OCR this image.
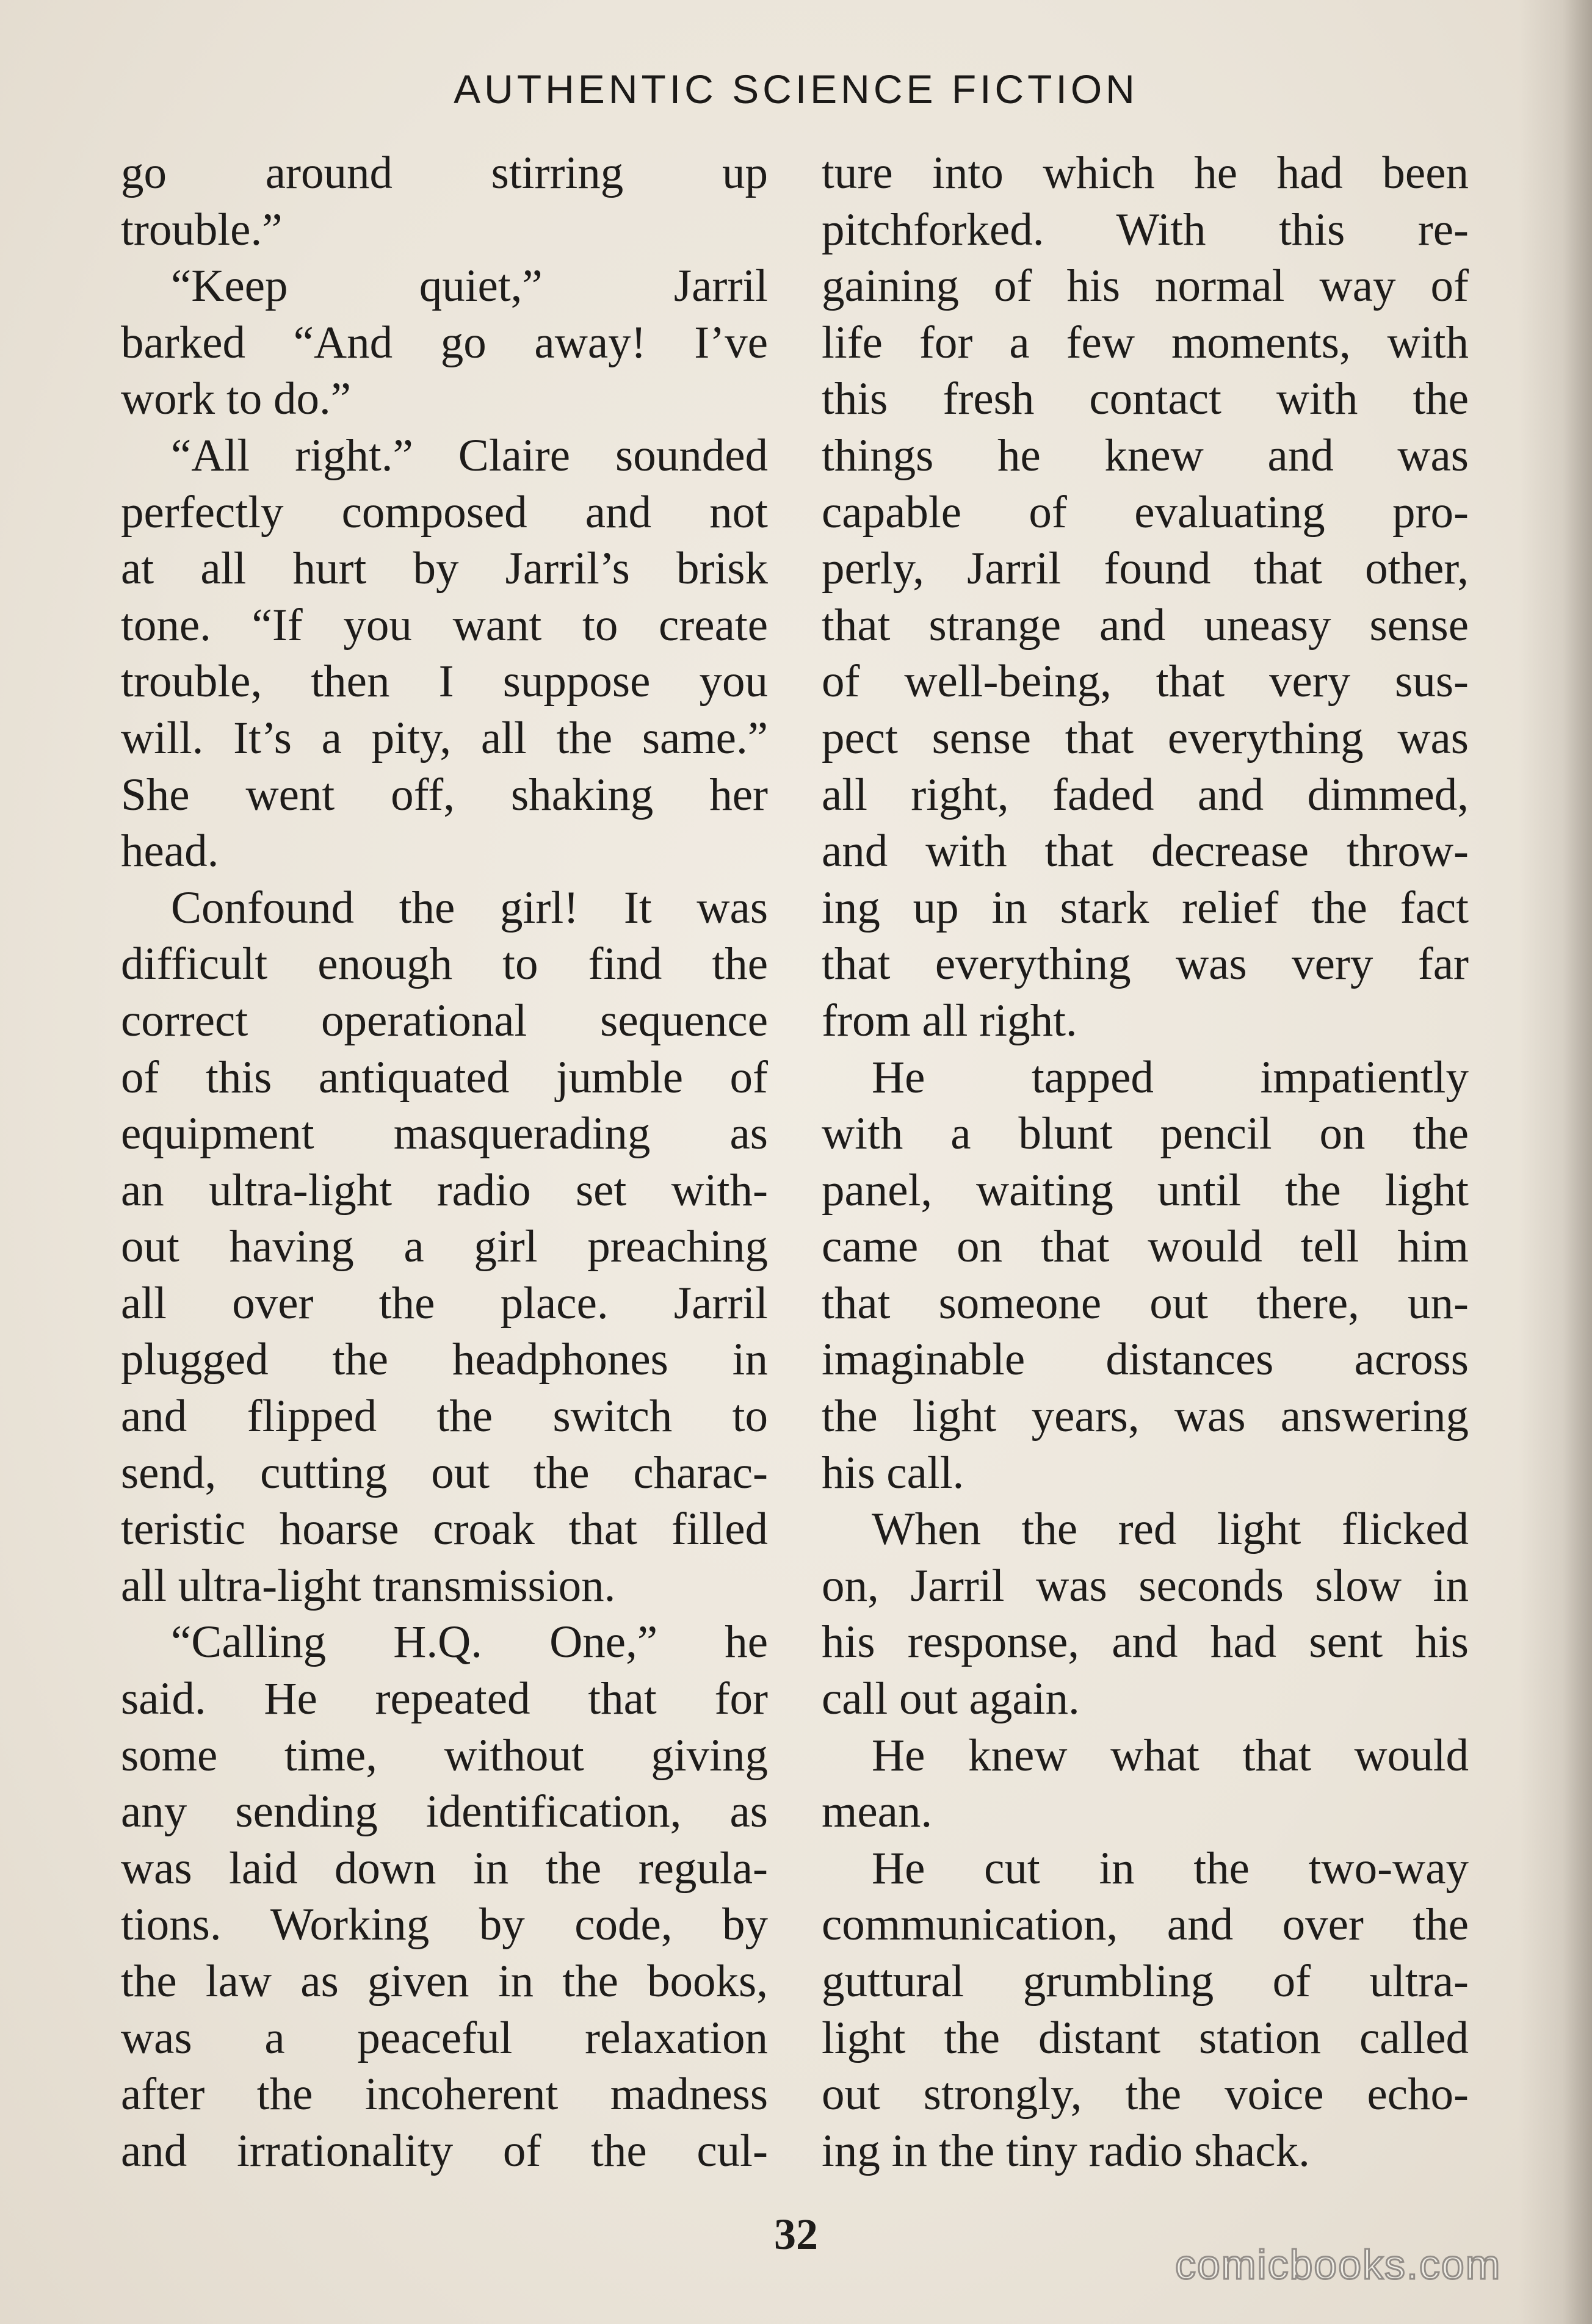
AUTHENTIC SCIENCE FICTION
go around stirring up
trouble.”
“Keep quiet,” Jarril
barked “And go away! I’ve
work to do.”
“All right.” Claire sounded
perfectly composed and not
at all hurt by Jarril’s brisk
tone. “If you want to create
trouble, then I suppose you
will. It’s a pity, all the same.”
She went off, shaking her
head.
Confound the girl! It was
difficult enough to find the
correct operational sequence
of this antiquated jumble of
equipment masquerading as
an ultra-light radio set with-
out having a girl preaching
all over the place. Jarril
plugged the headphones in
and flipped the switch to
send, cutting out the charac-
teristic hoarse croak that filled
all ultra-light transmission.
“Calling H.Q. One,” he
said. He repeated that for
some time, without giving
any sending identification, as
was laid down in the regula-
tions. Working by code, by
the law as given in the books,
was a peaceful relaxation
after the incoherent madness
and irrationality of the cul-
ture into which he had been
pitchforked. With this re-
gaining of his normal way of
life for a few moments, with
this fresh contact with the
things he knew and was
capable of evaluating pro-
perly, Jarril found that other,
that strange and uneasy sense
of well-being, that very sus-
pect sense that everything was
all right, faded and dimmed,
and with that decrease throw-
ing up in stark relief the fact
that everything was very far
from all right.
He tapped impatiently
with a blunt pencil on the
panel, waiting until the light
came on that would tell him
that someone out there, un-
imaginable distances across
the light years, was answering
his call.
When the red light flicked
on, Jarril was seconds slow in
his response, and had sent his
call out again.
He knew what that would
mean.
He cut in the two-way
communication, and over the
guttural grumbling of ultra-
light the distant station called
out strongly, the voice echo-
ing in the tiny radio shack.
32
comicbooks.com
